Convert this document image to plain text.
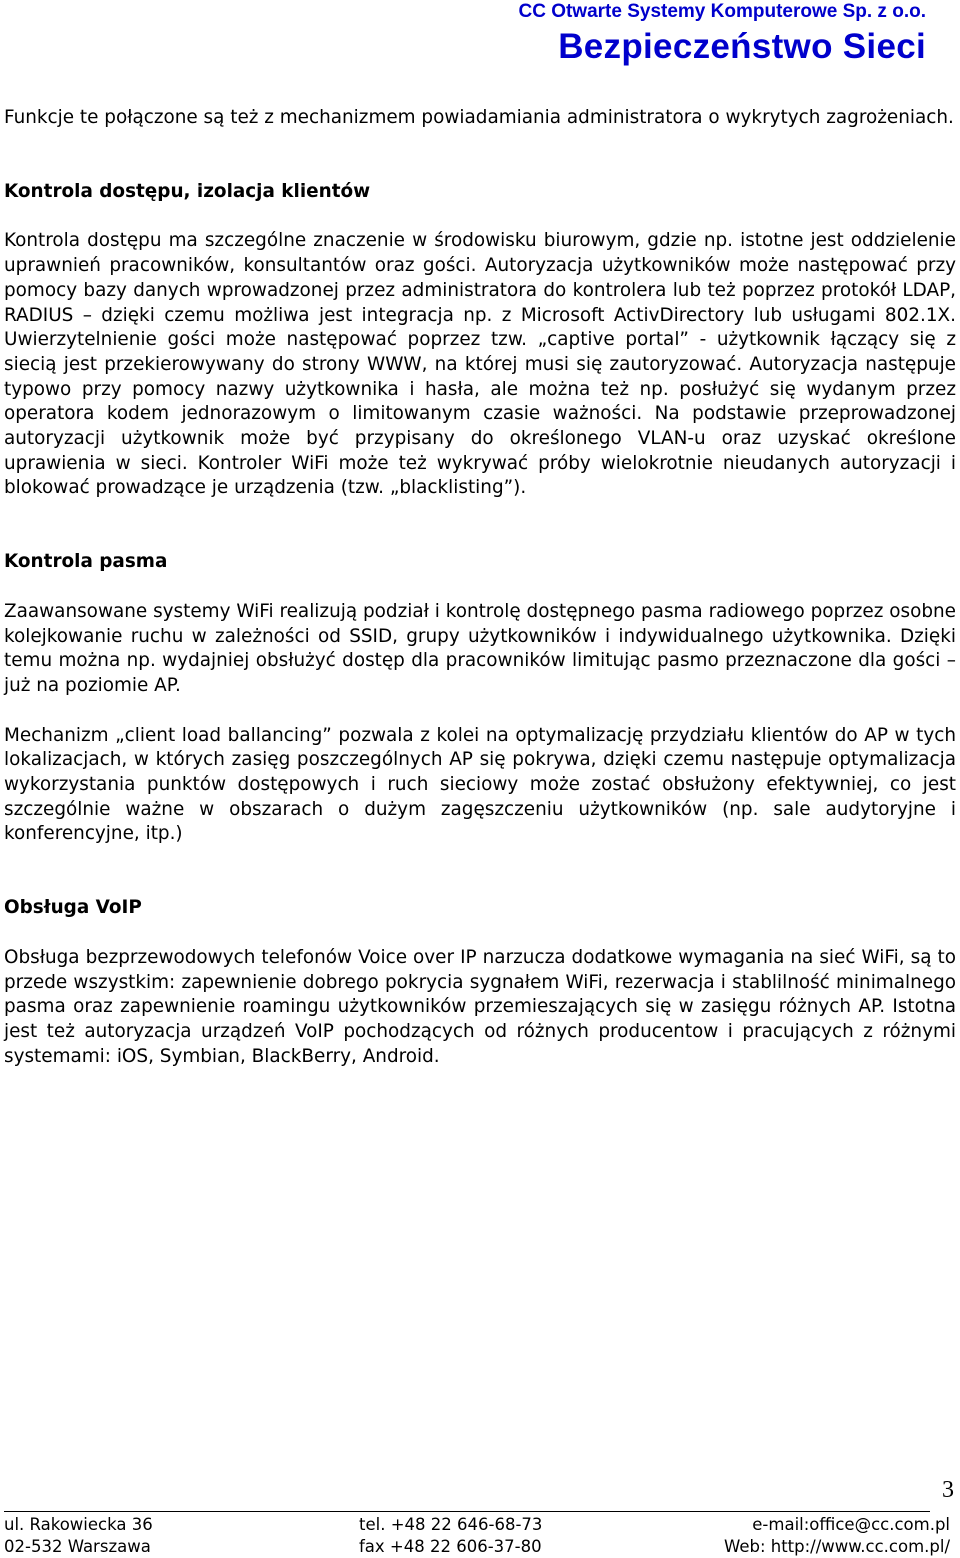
CC Otwarte Systemy Komputerowe Sp. z o.o.
Bezpieczeństwo Sieci

Funkcje te połączone są też z mechanizmem powiadamiania administratora o wykrytych zagrożeniach.

Kontrola dostępu, izolacja klientów

Kontrola dostępu ma szczególne znaczenie w środowisku biurowym, gdzie np. istotne jest oddzielenie uprawnień pracowników, konsultantów oraz gości. Autoryzacja użytkowników może następować przy pomocy bazy danych wprowadzonej przez administratora do kontrolera lub też poprzez protokół LDAP, RADIUS – dzięki czemu możliwa jest integracja np. z Microsoft ActivDirectory lub usługami 802.1X. Uwierzytelnienie gości może następować poprzez tzw. „captive portal” - użytkownik łączący się z siecią jest przekierowywany do strony WWW, na której musi się zautoryzować. Autoryzacja następuje typowo przy pomocy nazwy użytkownika i hasła, ale można też np. posłużyć się wydanym przez operatora kodem jednorazowym o limitowanym czasie ważności. Na podstawie przeprowadzonej autoryzacji użytkownik może być przypisany do określonego VLAN-u oraz uzyskać określone uprawienia w sieci. Kontroler WiFi może też wykrywać próby wielokrotnie nieudanych autoryzacji i blokować prowadzące je urządzenia (tzw. „blacklisting”).

Kontrola pasma

Zaawansowane systemy WiFi realizują podział i kontrolę dostępnego pasma radiowego poprzez osobne kolejkowanie ruchu w zależności od SSID, grupy użytkowników i indywidualnego użytkownika. Dzięki temu można np. wydajniej obsłużyć dostęp dla pracowników limitując pasmo przeznaczone dla gości – już na poziomie AP.

Mechanizm „client load ballancing” pozwala z kolei na optymalizację przydziału klientów do AP w tych lokalizacjach, w których zasięg poszczególnych AP się pokrywa, dzięki czemu następuje optymalizacja wykorzystania punktów dostępowych i ruch sieciowy może zostać obsłużony efektywniej, co jest szczególnie ważne w obszarach o dużym zagęszczeniu użytkowników (np. sale audytoryjne i konferencyjne, itp.)

Obsługa VoIP

Obsługa bezprzewodowych telefonów Voice over IP narzucza dodatkowe wymagania na sieć WiFi, są to przede wszystkim: zapewnienie dobrego pokrycia sygnałem WiFi, rezerwacja i stablilność minimalnego pasma oraz zapewnienie roamingu użytkowników przemieszających się w zasięgu różnych AP. Istotna jest też autoryzacja urządzeń VoIP pochodzących od różnych producentow i pracujących z różnymi systemami: iOS, Symbian, BlackBerry, Android.

3
ul. Rakowiecka 36	tel. +48 22 646-68-73	e-mail:office@cc.com.pl
02-532 Warszawa	fax +48 22 606-37-80	Web: http://www.cc.com.pl/
